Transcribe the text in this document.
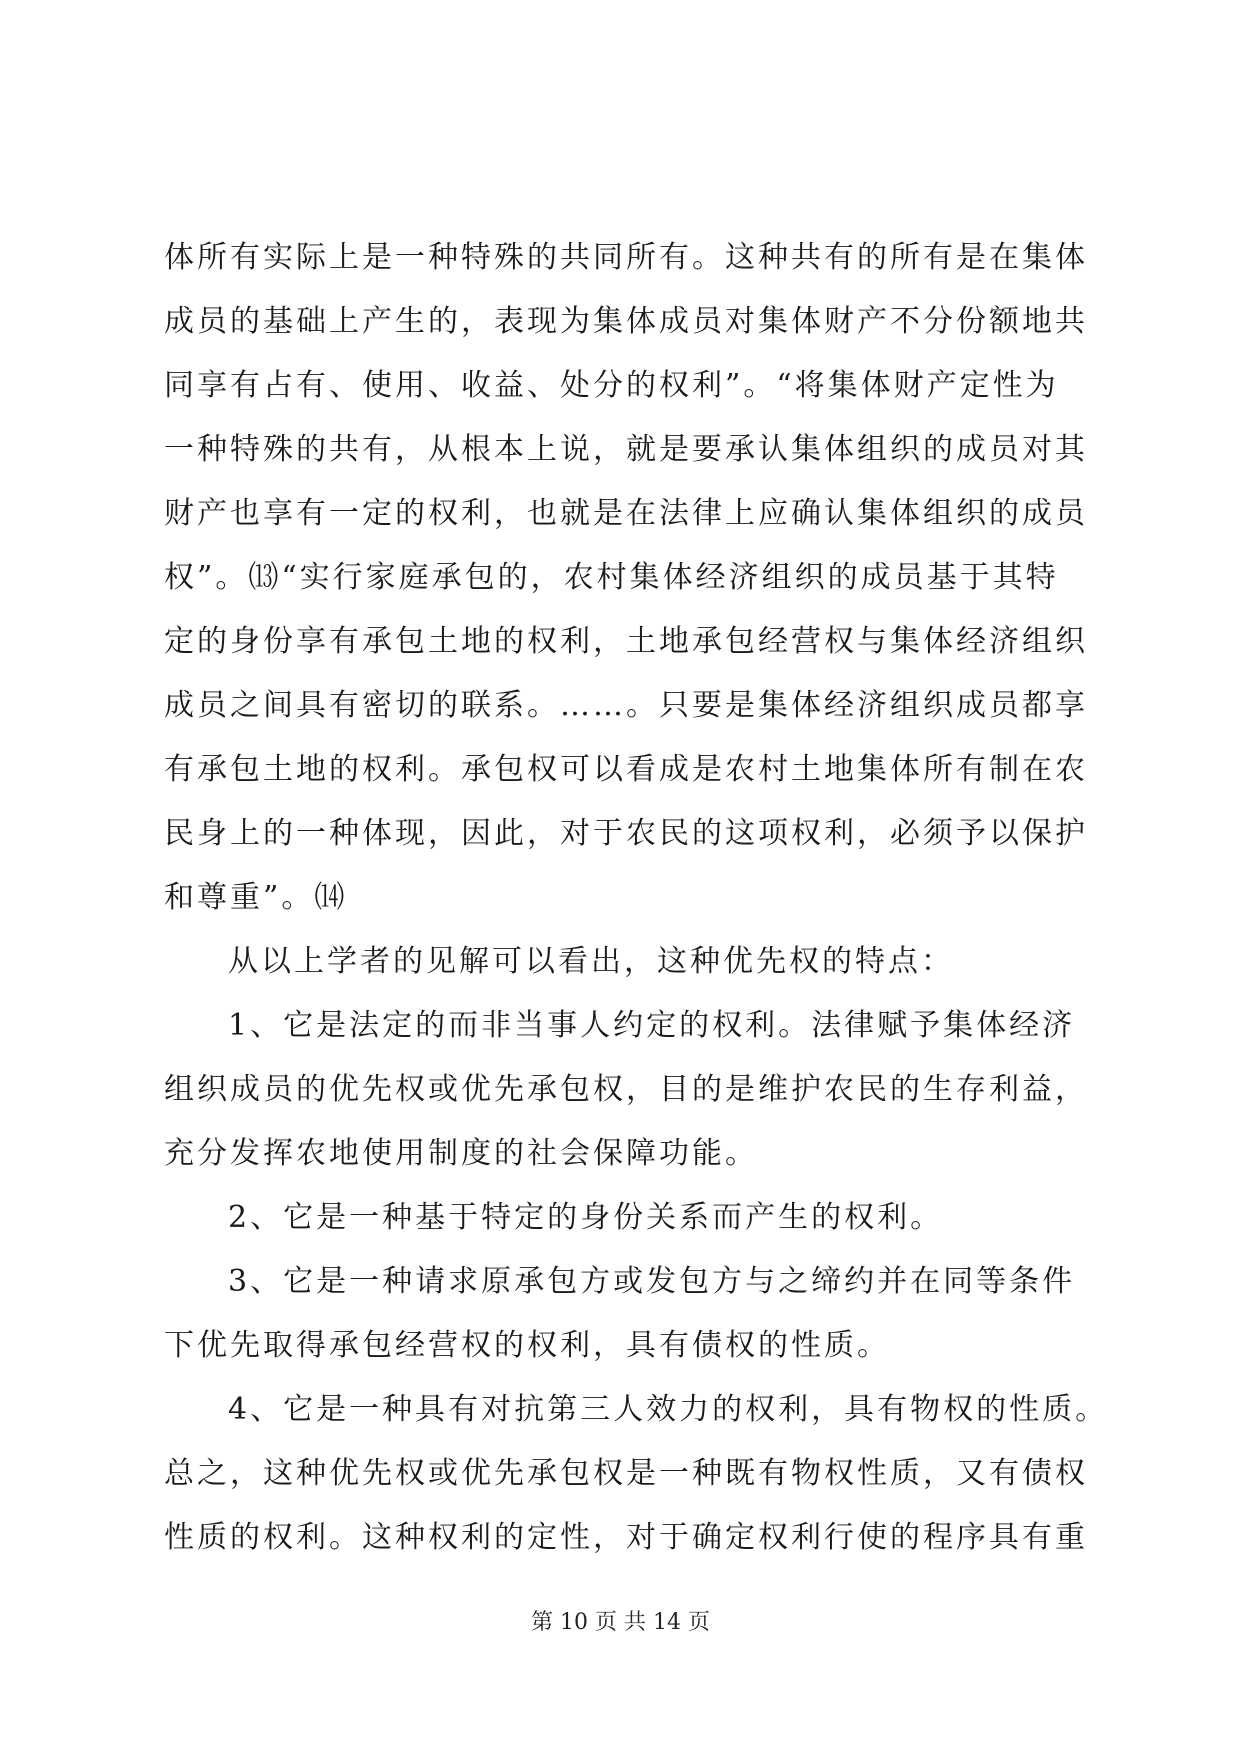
体所有实际上是一种特殊的共同所有。这种共有的所有是在集体
成员的基础上产生的，表现为集体成员对集体财产不分份额地共
同享有占有、使用、收益、处分的权利”。“将集体财产定性为
一种特殊的共有，从根本上说，就是要承认集体组织的成员对其
财产也享有一定的权利，也就是在法律上应确认集体组织的成员
权”。⒀“实行家庭承包的，农村集体经济组织的成员基于其特
定的身份享有承包土地的权利，土地承包经营权与集体经济组织
成员之间具有密切的联系。……。只要是集体经济组织成员都享
有承包土地的权利。承包权可以看成是农村土地集体所有制在农
民身上的一种体现，因此，对于农民的这项权利，必须予以保护
和尊重”。⒁
从以上学者的见解可以看出，这种优先权的特点：
1、它是法定的而非当事人约定的权利。法律赋予集体经济
组织成员的优先权或优先承包权，目的是维护农民的生存利益，
充分发挥农地使用制度的社会保障功能。
2、它是一种基于特定的身份关系而产生的权利。
3、它是一种请求原承包方或发包方与之缔约并在同等条件
下优先取得承包经营权的权利，具有债权的性质。
4、它是一种具有对抗第三人效力的权利，具有物权的性质。
总之，这种优先权或优先承包权是一种既有物权性质，又有债权
性质的权利。这种权利的定性，对于确定权利行使的程序具有重
第 10 页 共 14 页
